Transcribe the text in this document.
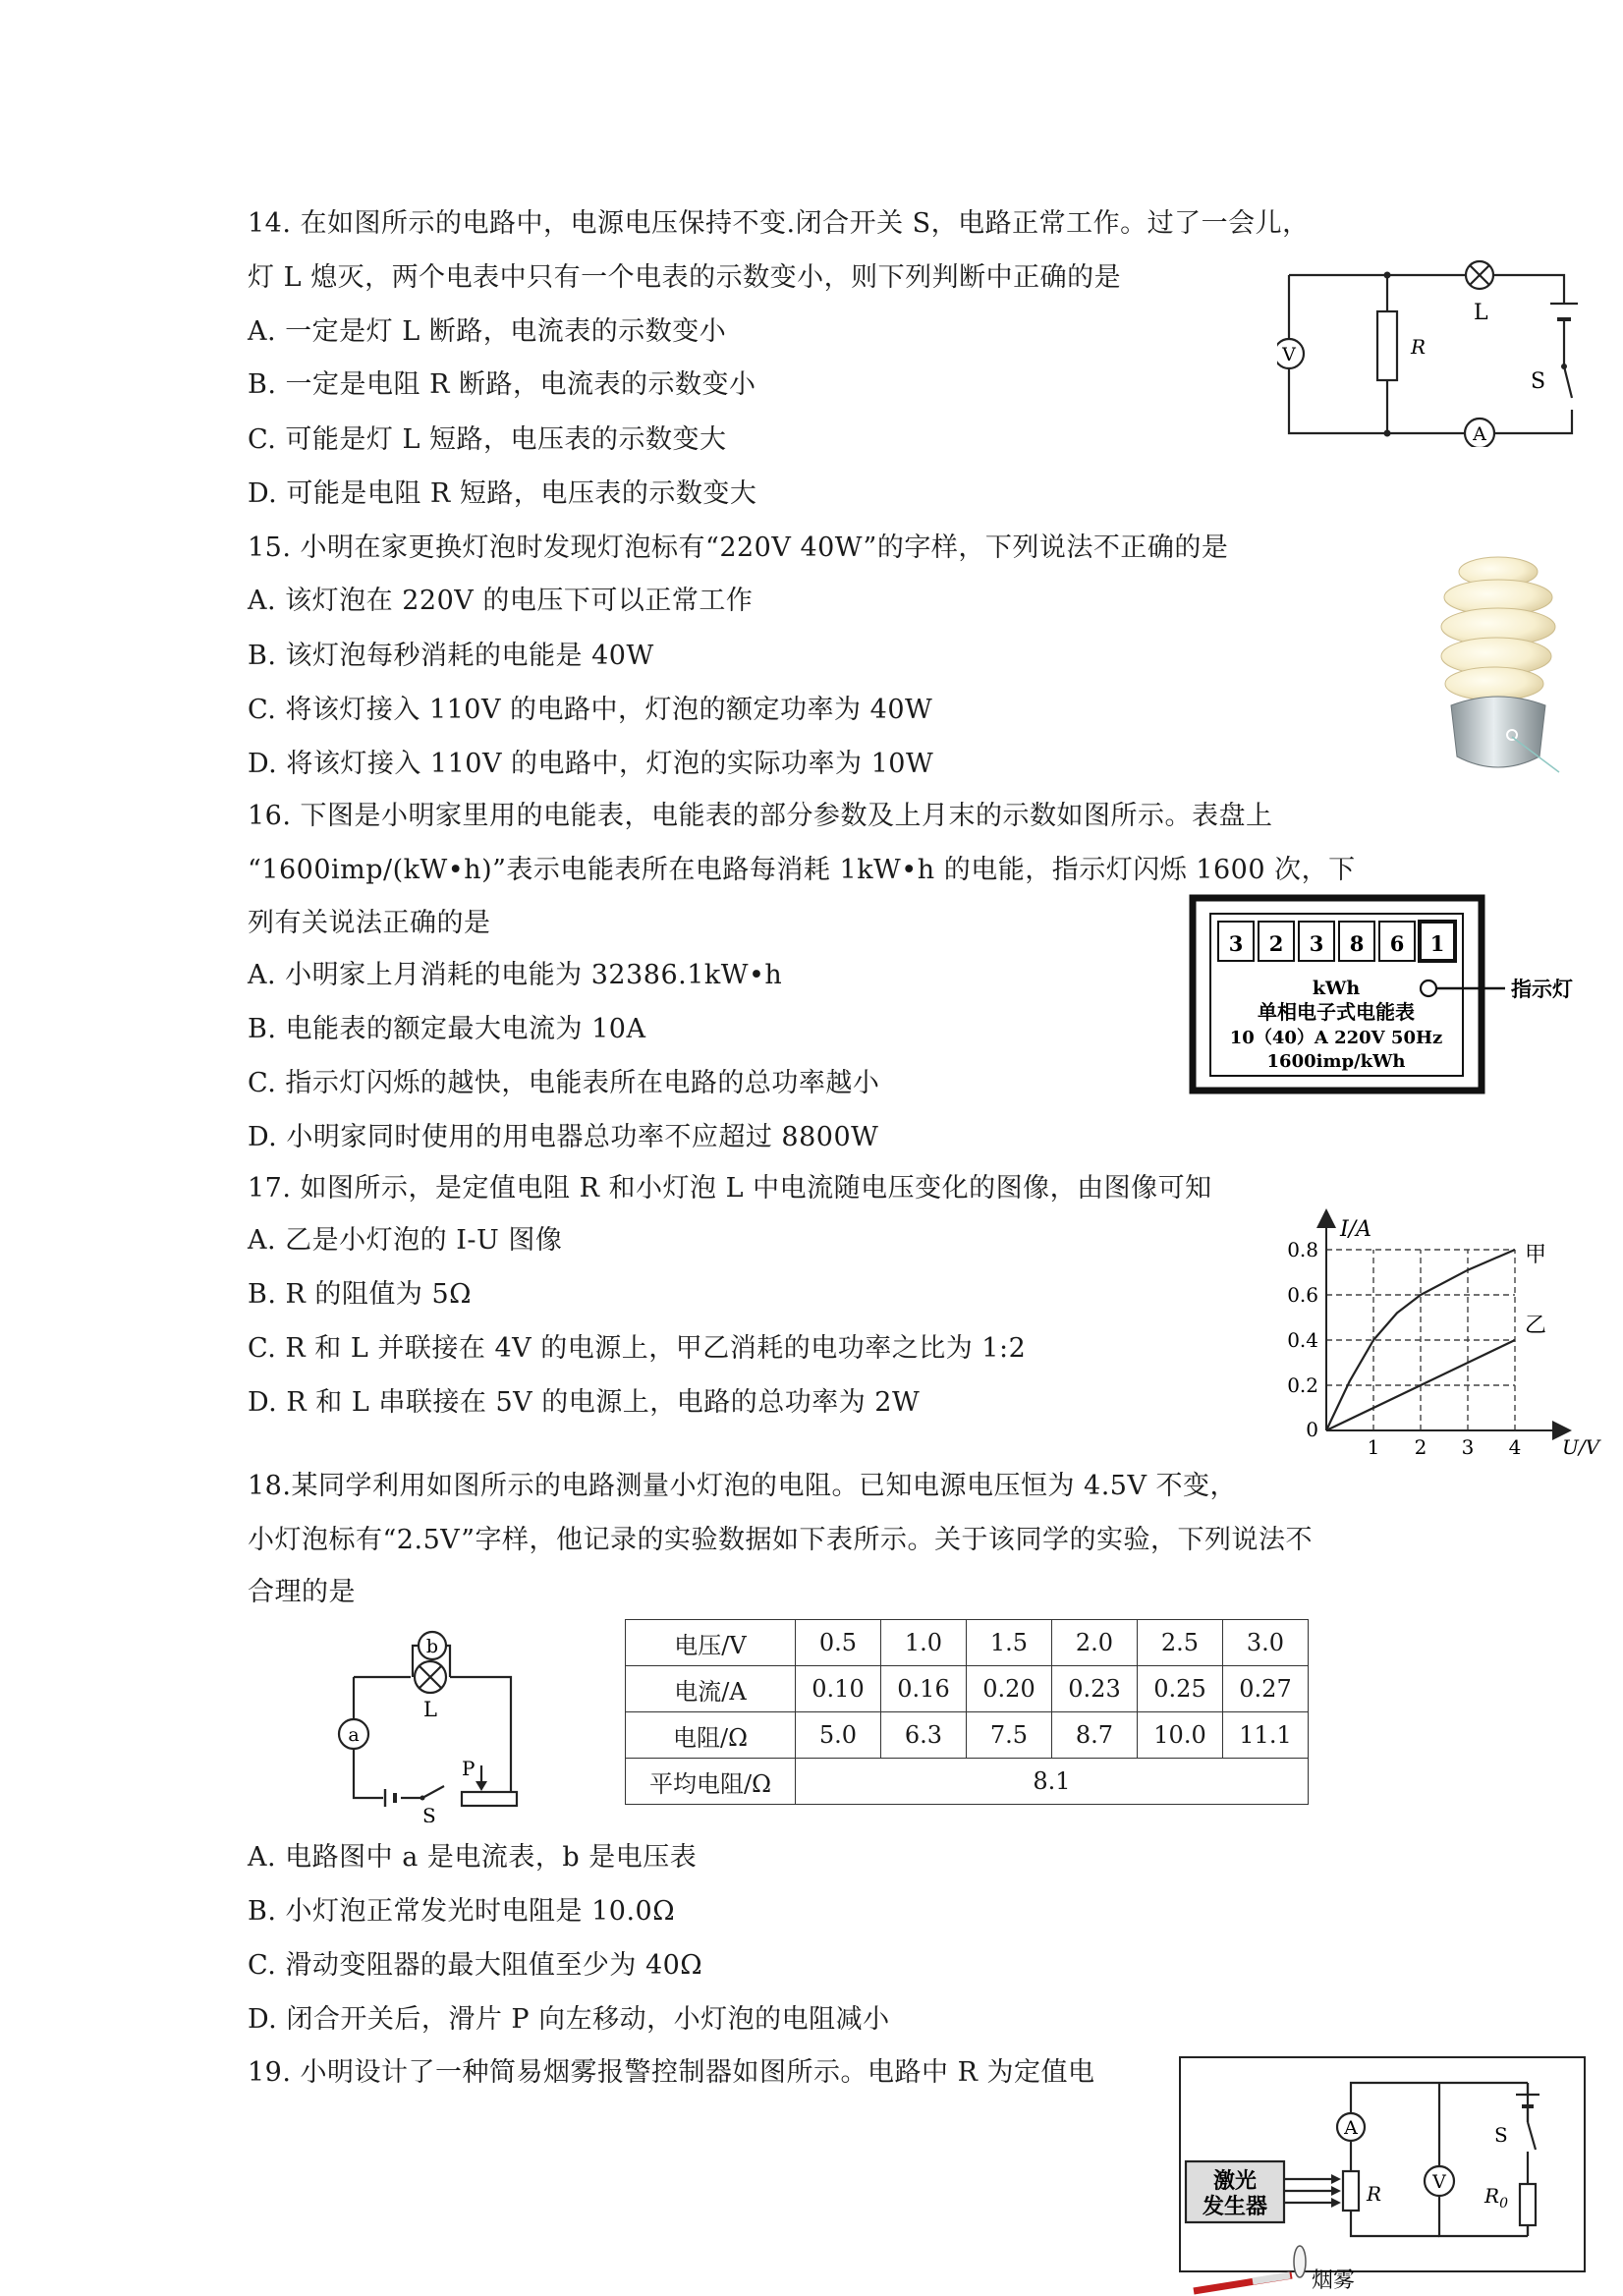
14. 在如图所示的电路中，电源电压保持不变.闭合开关 S，电路正常工作。过了一会儿，
灯 L 熄灭，两个电表中只有一个电表的示数变小，则下列判断中正确的是
A. 一定是灯 L 断路，电流表的示数变小
B. 一定是电阻 R 断路，电流表的示数变小
C. 可能是灯 L 短路，电压表的示数变大
D. 可能是电阻 R 短路，电压表的示数变大
V	R
L
S
A
15. 小明在家更换灯泡时发现灯泡标有“220V 40W”的字样，下列说法不正确的是
A. 该灯泡在 220V 的电压下可以正常工作
B. 该灯泡每秒消耗的电能是 40W
C. 将该灯接入 110V 的电路中，灯泡的额定功率为 40W
D. 将该灯接入 110V 的电路中，灯泡的实际功率为 10W
16. 下图是小明家里用的电能表，电能表的部分参数及上月末的示数如图所示。表盘上
“1600imp/(kW•h)”表示电能表所在电路每消耗 1kW•h 的电能，指示灯闪烁 1600 次，下
列有关说法正确的是
A. 小明家上月消耗的电能为 32386.1kW•h
B. 电能表的额定最大电流为 10A
C. 指示灯闪烁的越快，电能表所在电路的总功率越小
D. 小明家同时使用的用电器总功率不应超过 8800W
3 2 3 8 6 1
指示灯
kWh
单相电子式电能表
10（40）A 220V 50Hz
1600imp/kWh
17. 如图所示，是定值电阻 R 和小灯泡 L 中电流随电压变化的图像，由图像可知
A. 乙是小灯泡的 I-U 图像
B. R 的阻值为 5Ω
C. R 和 L 并联接在 4V 的电源上，甲乙消耗的电功率之比为 1:2
D. R 和 L 串联接在 5V 的电源上，电路的总功率为 2W
1 2 3 4
0.2
0.4
0.6
0.8	甲
乙
I/A
U/V
0
18.某同学利用如图所示的电路测量小灯泡的电阻。已知电源电压恒为 4.5V 不变，
小灯泡标有“2.5V”字样，他记录的实验数据如下表所示。关于该同学的实验，下列说法不
合理的是
b
a
L
P
S
电压/V	0.5	1.0	1.5	2.0	2.5	3.0
电流/A	0.10	0.16	0.20	0.23	0.25	0.27
电阻/Ω	5.0	6.3	7.5	8.7	10.0	11.1
平均电阻/Ω	8.1					
A. 电路图中 a 是电流表，b 是电压表
B. 小灯泡正常发光时电阻是 10.0Ω
C. 滑动变阻器的最大阻值至少为 40Ω
D. 闭合开关后，滑片 P 向左移动，小灯泡的电阻减小
19. 小明设计了一种简易烟雾报警控制器如图所示。电路中 R 为定值电
A
V
S
R	$R_0$
激光
发生器
烟雾
